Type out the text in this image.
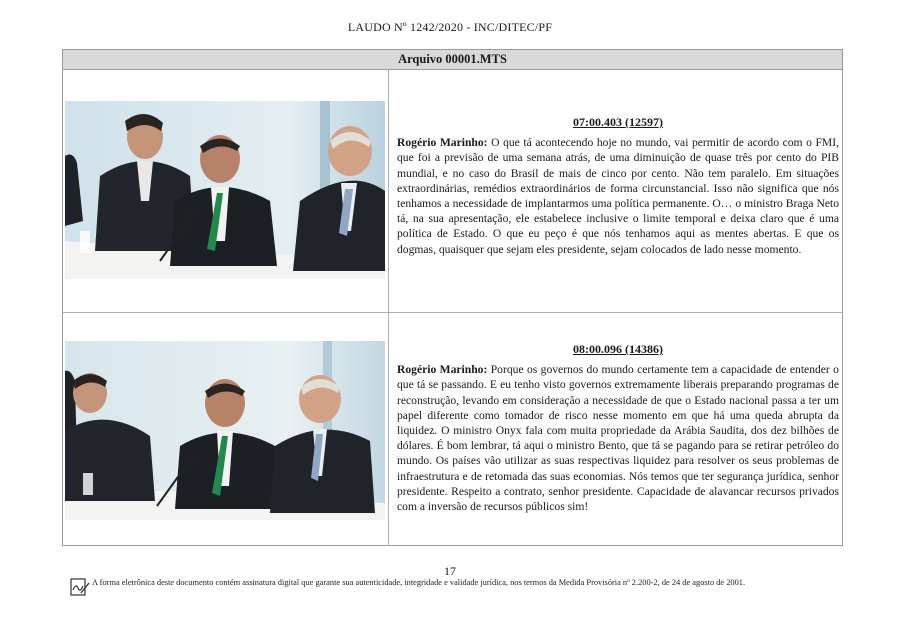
LAUDO Nº 1242/2020 - INC/DITEC/PF
Arquivo 00001.MTS
07:00.403 (12597)
Rogério Marinho: O que tá acontecendo hoje no mundo, vai permitir de acordo com o FMI, que foi a previsão de uma semana atrás, de uma diminuição de quase três por cento do PIB mundial, e no caso do Brasil de mais de cinco por cento. Não tem paralelo. Em situações extraordinárias, remédios extraordinários de forma circunstancial. Isso não significa que nós tenhamos a necessidade de implantarmos uma política permanente. O… o ministro Braga Neto tá, na sua apresentação, ele estabelece inclusive o limite temporal e deixa claro que é uma política de Estado. O que eu peço é que nós tenhamos aqui as mentes abertas. E que os dogmas, quaisquer que sejam eles presidente, sejam colocados de lado nesse momento.
08:00.096 (14386)
Rogério Marinho: Porque os governos do mundo certamente tem a capacidade de entender o que tá se passando. E eu tenho visto governos extremamente liberais preparando programas de reconstrução, levando em consideração a necessidade de que o Estado nacional passa a ter um papel diferente como tomador de risco nesse momento em que há uma queda abrupta da liquidez. O ministro Onyx fala com muita propriedade da Arábia Saudita, dos dez bilhões de dólares. É bom lembrar, tá aqui o ministro Bento, que tá se pagando para se retirar petróleo do mundo. Os países vão utilizar as suas respectivas liquidez para resolver os seus problemas de infraestrutura e de retomada das suas economias. Nós temos que ter segurança jurídica, senhor presidente. Respeito a contrato, senhor presidente. Capacidade de alavancar recursos privados com a inversão de recursos públicos sim!
17
A forma eletrônica deste documento contém assinatura digital que garante sua autenticidade, integridade e validade jurídica, nos termos da Medida Provisória nº 2.200-2, de 24 de agosto de 2001.
